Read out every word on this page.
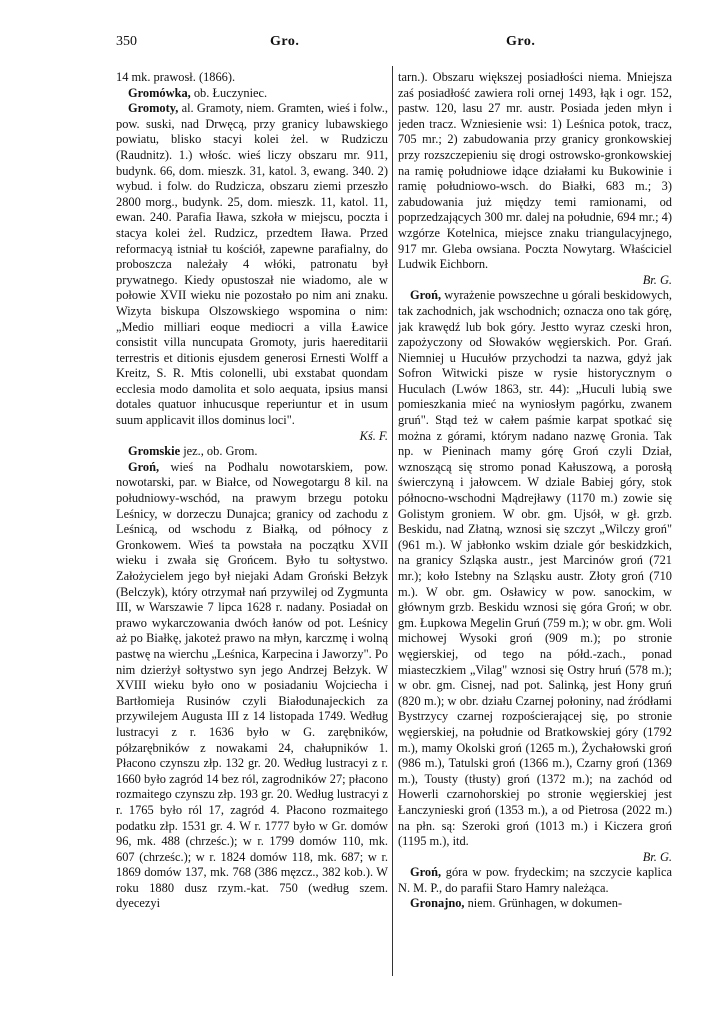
350	Gro.	Gro.

14 mk. prawosł. (1866).

Gromówka, ob. Łuczyniec.

Gromoty, al. Gramoty, niem. Gramten, wieś i folw., pow. suski, nad Drwęcą, przy granicy lubawskiego powiatu, blisko stacyi kolei żel. w Rudziczu (Raudnitz). 1.) włośc. wieś liczy obszaru mr. 911, budynk. 66, dom. mieszk. 31, katol. 3, ewang. 340. 2) wybud. i folw. do Rudzicza, obszaru ziemi przeszło 2800 morg., budynk. 25, dom. mieszk. 11, katol. 11, ewan. 240. Parafia Iława, szkoła w miejscu, poczta i stacya kolei żel. Rudzicz, przedtem Iława. Przed reformacyą istniał tu kościół, zapewne parafialny, do proboszcza należały 4 włóki, patronatu był prywatnego. Kiedy opustoszał nie wiadomo, ale w połowie XVII wieku nie pozostało po nim ani znaku. Wizyta biskupa Olszowskiego wspomina o nim: „Medio milliari eoque mediocri a villa Ławice consistit villa nuncupata Gromoty, juris haereditarii terrestris et ditionis ejusdem generosi Ernesti Wolff a Kreitz, S. R. Mtis colonelli, ubi exstabat quondam ecclesia modo damolita et solo aequata, ipsius mansi dotales quatuor inhucusque reperiuntur et in usum suum applicavit illos dominus loci".
Kś. F.

Gromskie jez., ob. Grom.

Groń, wieś na Podhalu nowotarskiem, pow. nowotarski, par. w Białce, od Nowegotargu 8 kil. na południowy-wschód, na prawym brzegu potoku Leśnicy, w dorzeczu Dunajca; granicy od zachodu z Leśnicą, od wschodu z Białką, od północy z Gronkowem. Wieś ta powstała na początku XVII wieku i zwała się Grońcem. Było tu sołtystwo. Założycielem jego był niejaki Adam Groński Bełzyk (Belczyk), który otrzymał nań przywilej od Zygmunta III, w Warszawie 7 lipca 1628 r. nadany. Posiadał on prawo wykarczowania dwóch łanów od pot. Leśnicy aż po Białkę, jakoteż prawo na młyn, karczmę i wolną pastwę na wierchu „Leśnica, Karpecina i Jaworzy". Po nim dzierżył sołtystwo syn jego Andrzej Bełzyk. W XVIII wieku było ono w posiadaniu Wojciecha i Bartłomieja Rusinów czyli Białodunajeckich za przywilejem Augusta III z 14 listopada 1749. Według lustracyi z r. 1636 było w G. zarębników, półzarębników z nowakami 24, chałupników 1. Płacono czynszu złp. 132 gr. 20. Według lustracyi z r. 1660 było zagród 14 bez ról, zagrodników 27; płacono rozmaitego czynszu złp. 193 gr. 20. Według lustracyi z r. 1765 było ról 17, zagród 4. Płacono rozmaitego podatku złp. 1531 gr. 4. W r. 1777 było w Gr. domów 96, mk. 488 (chrześc.); w r. 1799 domów 110, mk. 607 (chrześc.); w r. 1824 domów 118, mk. 687; w r. 1869 domów 137, mk. 768 (386 męzcz., 382 kob.). W roku 1880 dusz rzym.-kat. 750 (według szem. dyecezyi

tarn.). Obszaru większej posiadłości niema. Mniejsza zaś posiadłość zawiera roli ornej 1493, łąk i ogr. 152, pastw. 120, lasu 27 mr. austr. Posiada jeden młyn i jeden tracz. Wzniesienie wsi: 1) Leśnica potok, tracz, 705 mr.; 2) zabudowania przy granicy gronkowskiej przy rozszczepieniu się drogi ostrowsko-gronkowskiej na ramię południowe idące działami ku Bukowinie i ramię południowo-wsch. do Białki, 683 m.; 3) zabudowania już między temi ramionami, od poprzedzających 300 mr. dalej na południe, 694 mr.; 4) wzgórze Kotelnica, miejsce znaku triangulacyjnego, 917 mr. Gleba owsiana. Poczta Nowytarg. Właściciel Ludwik Eichborn.
Br. G.

Groń, wyrażenie powszechne u górali beskidowych, tak zachodnich, jak wschodnich; oznacza ono tak górę, jak krawędź lub bok góry. Jestto wyraz czeski hron, zapożyczony od Słowaków węgierskich. Por. Grań. Niemniej u Hucułów przychodzi ta nazwa, gdyż jak Sofron Witwicki pisze w rysie historycznym o Huculach (Lwów 1863, str. 44): „Huculi lubią swe pomieszkania mieć na wyniosłym pagórku, zwanem gruń". Stąd też w całem paśmie karpat spotkać się można z górami, którym nadano nazwę Gronia. Tak np. w Pieninach mamy górę Groń czyli Dział, wznoszącą się stromo ponad Kałuszową, a porosłą świerczyną i jałowcem. W dziale Babiej góry, stok północno-wschodni Mądrejławy (1170 m.) zowie się Golistym groniem. W obr. gm. Ujsół, w gł. grzb. Beskidu, nad Złatną, wznosi się szczyt „Wilczy groń" (961 m.). W jabłonko wskim dziale gór beskidzkich, na granicy Szląska austr., jest Marcinów groń (721 mr.); koło Istebny na Szląsku austr. Złoty groń (710 m.). W obr. gm. Osławicy w pow. sanockim, w głównym grzb. Beskidu wznosi się góra Groń; w obr. gm. Łupkowa Megelin Gruń (759 m.); w obr. gm. Woli michowej Wysoki groń (909 m.); po stronie węgierskiej, od tego na półd.-zach., ponad miasteczkiem „Vilag" wznosi się Ostry hruń (578 m.); w obr. gm. Cisnej, nad pot. Salinką, jest Hony gruń (820 m.); w obr. działu Czarnej połoniny, nad źródłami Bystrzycy czarnej rozpościerającej się, po stronie węgierskiej, na południe od Bratkowskiej góry (1792 m.), mamy Okolski groń (1265 m.), Żychałowski groń (986 m.), Tatulski groń (1366 m.), Czarny groń (1369 m.), Tousty (tłusty) groń (1372 m.); na zachód od Howerli czarnohorskiej po stronie węgierskiej jest Łanczynieski groń (1353 m.), a od Pietrosa (2022 m.) na płn. są: Szeroki groń (1013 m.) i Kiczera groń (1195 m.), itd.
Br. G.

Groń, góra w pow. frydeckim; na szczycie kaplica N. M. P., do parafii Staro Hamry należąca.

Gronajno, niem. Grünhagen, w dokumen-
